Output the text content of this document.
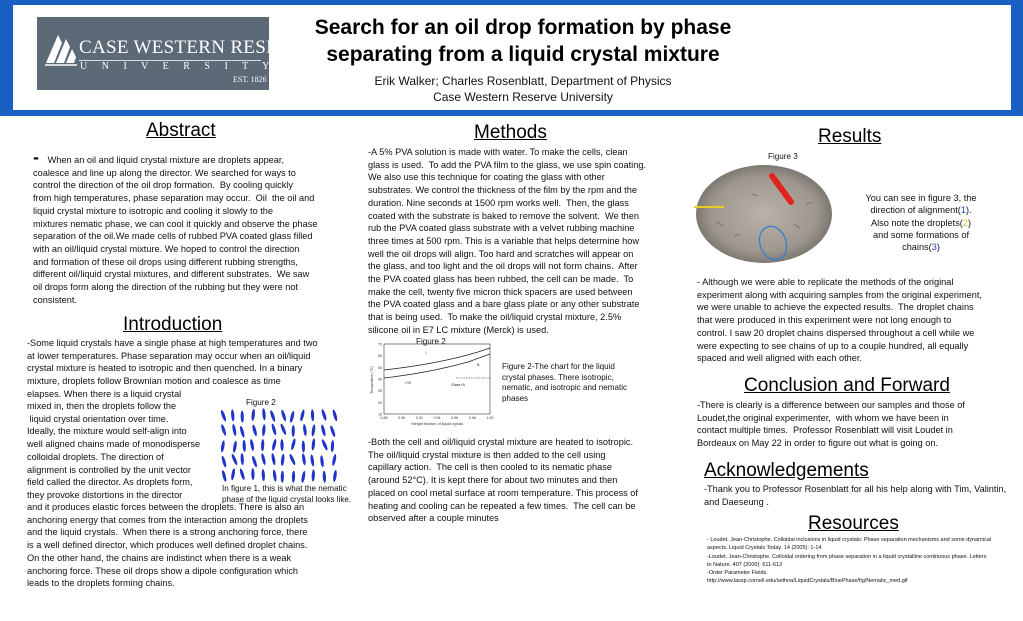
CASE WESTERN RESERVE
U N I V E R S I T Y
EST. 1826
Search for an oil drop formation by phase
separating from a liquid crystal mixture
Erik Walker; Charles Rosenblatt, Department of Physics
Case Western Reserve University
Abstract
- When an oil and liquid crystal mixture are droplets appear,
coalesce and line up along the director. We searched for ways to
control the direction of the oil drop formation.  By cooling quickly
from high temperatures, phase separation may occur.  Oil  the oil and
liquid crystal mixture to isotropic and cooling it slowly to the
mixtures nematic phase, we can cool it quickly and observe the phase
separation of the oil.We made cells of rubbed PVA coated glass filled
with an oil/liquid crystal mixture. We hoped to control the direction
and formation of these oil drops using different rubbing strengths,
different oil/liquid crystal mixtures, and different substrates.  We saw
oil drops form along the direction of the rubbing but they were not
consistent.
Introduction
-Some liquid crystals have a single phase at high temperatures and two
at lower temperatures. Phase separation may occur when an oil/liquid
crystal mixture is heated to isotropic and then quenched. In a binary
mixture, droplets follow Brownian motion and coalesce as time
elapses. When there is a liquid crystal
mixed in, then the droplets follow the
liquid crystal orientation over time.
Ideally, the mixture would self-align into
well aligned chains made of monodisperse
colloidal droplets. The direction of
alignment is controlled by the unit vector
field called the director. As droplets form,
they provoke distortions in the director
and it produces elastic forces between the droplets. There is also an
anchoring energy that comes from the interaction among the droplets
and the liquid crystals.  When there is a strong anchoring force, there
is a well defined director, which produces well defined droplet chains.
On the other hand, the chains are indistinct when there is a weak
anchoring force. These oil drops show a dipole configuration which
leads to the droplets forming chains.
Figure 2
In figure 1, this is what the nematic
phase of the liquid crystal looks like.
Methods
-A 5% PVA solution is made with water. To make the cells, clean
glass is used.  To add the PVA film to the glass, we use spin coating.
We also use this technique for coating the glass with other
substrates. We control the thickness of the film by the rpm and the
duration. Nine seconds at 1500 rpm works well.  Then, the glass
coated with the substrate is baked to remove the solvent.  We then
rub the PVA coated glass substrate with a velvet rubbing machine
three times at 500 rpm. This is a variable that helps determine how
well the oil drops will align. Too hard and scratches will appear on
the glass, and too light and the oil drops will not form chains.  After
the PVA coated glass has been rubbed, the cell can be made.  To
make the cell, twenty five micron thick spacers are used between
the PVA coated glass and a bare glass plate or any other substrate
that is being used.  To make the oil/liquid crystal mixture, 2.5%
silicone oil in E7 LC mixture (Merck) is used.
Figure 2
70
60
50
40
30
20
10
0.88	0.90	0.92	0.94	0.96	0.98	1.00
Temperature (°C)
Weight fraction of liquid crystal
I
N
I+N	Glass+A
Figure 2-The chart for the liquid
crystal phases. There isotropic,
nematic, and isotropic and nematic
phases
-Both the cell and oil/liquid crystal mixture are heated to isotropic.
The oil/liquid crystal mixture is then added to the cell using
capillary action.  The cell is then cooled to its nematic phase
(around 52°C). It is kept there for about two minutes and then
placed on cool metal surface at room temperature. This process of
heating and cooling can be repeated a few times.  The cell can be
observed after a couple minutes
Results
Figure 3
You can see in figure 3, the
direction of alignment(1).
Also note the droplets(2)
and some formations of
chains(3)
- Although we were able to replicate the methods of the original
experiment along with acquiring samples from the original experiment,
we were unable to achieve the expected results.  The droplet chains
that were produced in this experiment were not long enough to
control. I saw 20 droplet chains dispersed throughout a cell while we
were expecting to see chains of up to a couple hundred, all equally
spaced and well aligned with each other.
Conclusion and Forward
-There is clearly is a difference between our samples and those of
Loudet,the original experimenter,  with whom we have been in
contact multiple times.  Professor Rosenblatt will visit Loudet in
Bordeaux on May 22 in order to figure out what is going on.
Acknowledgements
-Thank you to Professor Rosenblatt for all his help along with Tim, Valintin,
and Daeseung .
Resources
- Loudet, Jean-Christophe. Colloidal inclusions in liquid crystals: Phase separation mechanisms and some dynamical
aspects. Liquid Crystals Today. 14 (2005): 1-14
-Loudet, Jean-Christophe. Colloidal ordering from phase separation in a liquid crystalline continuous phase. Letters
to Nature. 407 (2000): 611-613
-Order Parameter Fields.
http://www.lassp.cornell.edu/sethna/LiquidCrystals/BluePhase/fig/Nematic_med.gif
